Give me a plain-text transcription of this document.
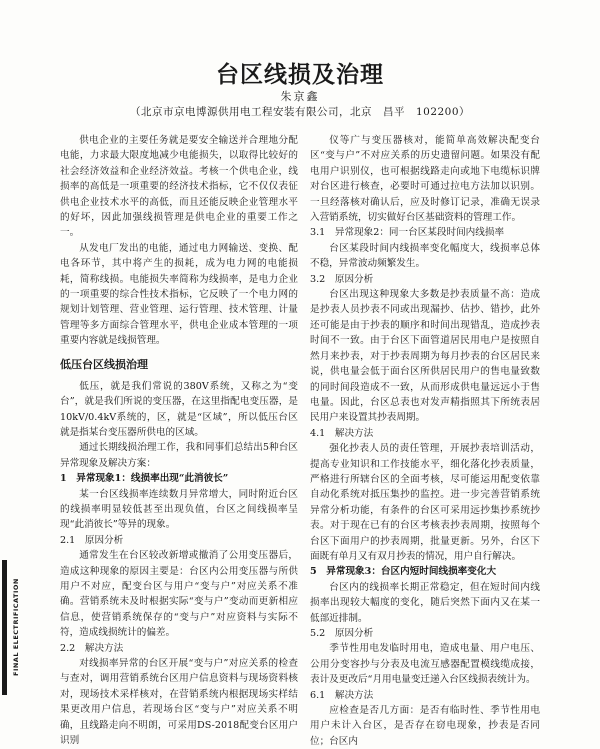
台区线损及治理
朱京鑫
（北京市京电博源供用电工程安装有限公司，北京　昌平　102200）

供电企业的主要任务就是要安全输送并合理地分配电能，力求最大限度地减少电能损失，以取得比较好的社会经济效益和企业经济效益。考核一个供电企业，线损率的高低是一项重要的经济技术指标，它不仅仅表征供电企业技术水平的高低，而且还能反映企业管理水平的好坏，因此加强线损管理是供电企业的重要工作之一。

从发电厂发出的电能，通过电力网输送、变换、配电各环节，其中将产生的损耗，成为电力网的电能损耗，简称线损。电能损失率简称为线损率，是电力企业的一项重要的综合性技术指标，它反映了一个电力网的规划计划管理、营业管理、运行管理、技术管理、计量管理等多方面综合管理水平，供电企业成本管理的一项重要内容就是线损管理。

低压台区线损治理

低压，就是我们常说的380V系统，又称之为“变台”，就是我们所说的变压器，在这里指配电变压器，是10kV/0.4kV系统的，区，就是“区域”，所以低压台区就是指某台变压器所供电的区域。

通过长期线损治理工作，我和同事们总结出5种台区异常现象及解决方案：

1　异常现象1：线损率出现“此消彼长”

某一台区线损率连续数月异常增大，同时附近台区的线损率明显较低甚至出现负值，台区之间线损率呈现“此消彼长”等异的现象。

2.1　原因分析

通常发生在台区较改新增或撤消了公用变压器后，造成这种现象的原因主要是：台区内公用变压器与所供用户不对应，配变台区与用户“变与户”对应关系不准确。营销系统未及时根据实际“变与户”变动而更新相应信息，使营销系统保存的“变与户”对应资料与实际不符，造成线损统计的偏差。

2.2　解决方法

对线损率异常的台区开展“变与户”对应关系的检查与查对，调用营销系统台区用户信息资料与现场资料核对，现场技术采样核对，在营销系统内根据现场实样结果更改用户信息，若现场台区“变与户”对应关系不明确，且线路走向不明朗，可采用DS-2018配变台区用户识别

仪等广与变压器核对，能简单高效解决配变台区“变与户”不对应关系的历史遗留问题。如果没有配电用户识别仪，也可根据线路走向或地下电缆标识牌对台区进行核查，必要时可通过拉电方法加以识别。一旦经落核对确认后，应及时修订记录，准确无误录入营销系统，切实做好台区基础资料的管理工作。

3.1　异常现象2：同一台区某段时间内线损率

台区某段时间内线损率变化幅度大，线损率总体不稳，异常波动频繁发生。

3.2　原因分析

台区出现这种现象大多数是抄表质量不高：造成是抄表人员抄表不同或出现漏抄、估抄、错抄，此外还可能是由于抄表的顺序和时间出现错乱，造成抄表时间不一致。由于台区下面管道居民用电户是按照自然月来抄表，对于抄表周期为每月抄表的台区居民来说，供电量会低于面台区所供居民用户的售电量致数的同时间段造成不一致，从而形成供电量远远小于售电量。因此，台区总表也对发声精指照其下所统表居民用户来设置其抄表周期。

4.1　解决方法

强化抄表人员的责任管理，开展抄表培训活动，提高专业知识和工作技能水平，细化落化抄表质量，严格进行所辖台区的全面考核，尽可能运用配变依靠自动化系统对抵压集抄的监控。进一步完善营销系统异常分析功能，有条件的台区可采用远抄集抄系统抄表。对于现在已有的台区考核表抄表周期，按照每个台区下面用户的抄表周期，批量更新。另外，台区下面既有单月又有双月抄表的情况，用户自行解决。

5　异常现象3：台区内短时间线损率变化大

台区内的线损率长期正常稳定，但在短时间内线损率出现较大幅度的变化，随后突然下面内又在某一低部近排制。

5.2　原因分析

季节性用电发临时用电，造成电量、用户电压、公用分变容抄与分表及电流互感器配置模线缆成接，表计及更改后“月用电量变迁递入台区线损表统计为。

6.1　解决方法

应检查是否几方面：是否有临时性、季节性用电用户未计入台区，是否存在窃电现象，抄表是否同位；台区内

FINAL ELECTRIFICATION
